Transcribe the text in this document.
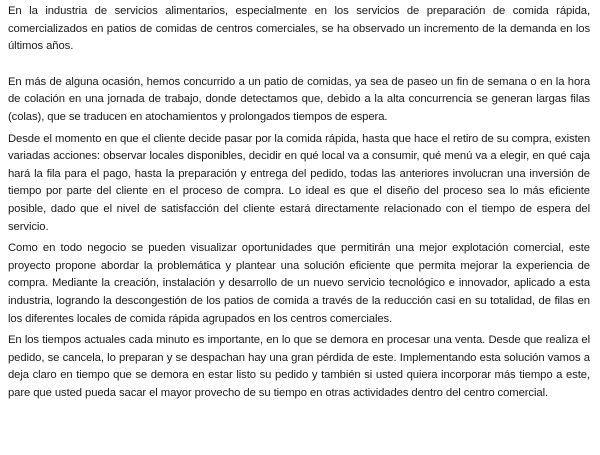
En la industria de servicios alimentarios, especialmente en los servicios de preparación de comida rápida, comercializados en patios de comidas de centros comerciales, se ha observado un incremento de la demanda en los últimos años.

En más de alguna ocasión, hemos concurrido a un patio de comidas, ya sea de paseo un fin de semana o en la hora de colación en una jornada de trabajo, donde detectamos que, debido a la alta concurrencia se generan largas filas (colas), que se traducen en atochamientos y prolongados tiempos de espera.

Desde el momento en que el cliente decide pasar por la comida rápida, hasta que hace el retiro de su compra, existen variadas acciones: observar locales disponibles, decidir en qué local va a consumir, qué menú va a elegir, en qué caja hará la fila para el pago, hasta la preparación y entrega del pedido, todas las anteriores involucran una inversión de tiempo por parte del cliente en el proceso de compra. Lo ideal es que el diseño del proceso sea lo más eficiente posible, dado que el nivel de satisfacción del cliente estará directamente relacionado con el tiempo de espera del servicio.

Como en todo negocio se pueden visualizar oportunidades que permitirán una mejor explotación comercial, este proyecto propone abordar la problemática y plantear una solución eficiente que permita mejorar la experiencia de compra. Mediante la creación, instalación y desarrollo de un nuevo servicio tecnológico e innovador, aplicado a esta industria, logrando la descongestión de los patios de comida a través de la reducción casi en su totalidad, de filas en los diferentes locales de comida rápida agrupados en los centros comerciales.

En los tiempos actuales cada minuto es importante, en lo que se demora en procesar una venta. Desde que realiza el pedido, se cancela, lo preparan y se despachan hay una gran pérdida de este. Implementando esta solución vamos a deja claro en tiempo que se demora en estar listo su pedido y también si usted quiera incorporar más tiempo a este, pare que usted pueda sacar el mayor provecho de su tiempo en otras actividades dentro del centro comercial.
